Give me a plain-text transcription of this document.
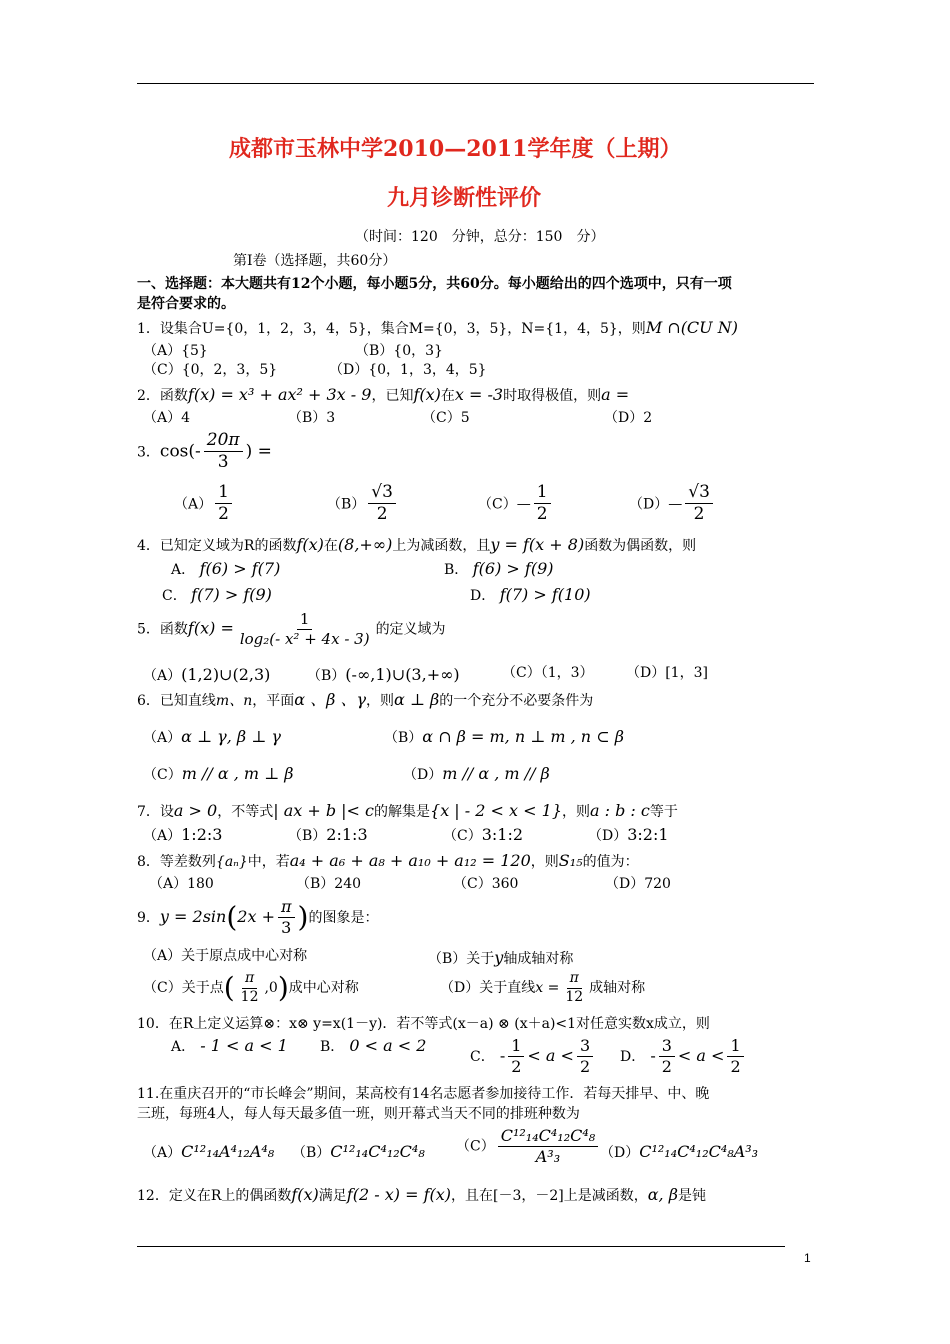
成都市玉林中学2010—2011学年度（上期）
九月诊断性评价
（时间：120　分钟，总分：150　分）
第Ⅰ卷（选择题，共60分）
一、选择题：本大题共有12个小题，每小题5分，共60分。每小题给出的四个选项中，只有一项
是符合要求的。
1．设集合U={0，1，2，3，4，5}，集合M={0，3，5}，N={1，4，5}，则M ∩(CU N)
（A）{5}	（B）{0，3}
（C）{0，2，3，5}	（D）{0，1，3，4，5}
2．函数f(x) = x³ + ax² + 3x - 9，已知f(x)在x = -3时取得极值，则a =
（A）4	（B）3	（C）5	（D）2
3．$\cos(- \frac{20\pi}{3}$ ) =
$(A) \frac{1}{2}$	$(B) \frac{√3}{2}$	（C）— $\frac{1}{2}$	（D）— $\frac{√3}{2}$
4．已知定义域为R的函数f(x)在(8,+∞)上为减函数，且y = f(x + 8)函数为偶函数，则
A． f(6) > f(7)	B． f(6) > f(9)
C． f(7) > f(9)	D． f(7) > f(10)
5．函数$f(x) = \frac{1}{\text{log₂(- x² + 4x - 3)}}$ 的定义域为
（A）(1,2)∪(2,3)	（B）(-∞,1)∪(3,+∞)	（C）（1，3） （D）[1，3]
6．已知直线m、n，平面α 、β 、γ，则α ⊥ β的一个充分不必要条件为
（A）α ⊥ γ, β ⊥ γ	（B）α ∩ β = m, n ⊥ m , n ⊂ β
（C）m // α , m ⊥ β	（D）m // α , m // β
7．设a > 0，不等式| ax + b |< c的解集是{x | - 2 < x < 1}，则a : b : c等于
（A）1:2:3	（B）2:1:3	（C）3:1:2	（D）3:2:1
8．等差数列{aₙ}中，若a₄ + a₆ + a₈ + a₁₀ + a₁₂ = 120，则S₁₅的值为：
（A）180	（B）240	（C）360	（D）720
9．$y = 2\sin(2x + \frac{\pi}{3}$ )的图象是：
（A）关于原点成中心对称	（B）关于y轴成轴对称
（C）关于点( $\frac{\pi}{12} ,0$)成中心对称	（D）关于直线$x = \frac{\pi}{12}$ 成轴对称
10．在R上定义运算⊗：x⊗ y=x(1－y)．若不等式(x－a) ⊗ (x＋a)<1对任意实数x成立，则
A． - 1 < a < 1 B． 0 < a < 2
C． - $\frac{1}{2} < a < \frac{3}{2}$ D． - $\frac{3}{2} < a < \frac{1}{2}$
11.在重庆召开的“市长峰会”期间，某高校有14名志愿者参加接待工作．若每天排早、中、晚
三班，每班4人，每人每天最多值一班，则开幕式当天不同的排班种数为
（A）C¹²₁₄A⁴₁₂A⁴₈ （B）C¹²₁₄C⁴₁₂C⁴₈ $(C) \frac{\text{C¹²₁₄C⁴₁₂C⁴₈}}{\text{A³₃}} (D)C^{12}_{14}C^4_{12}C^4_8A^3_3$
12．定义在R上的偶函数f(x)满足f(2 - x) = f(x)，且在[－3，－2]上是减函数，α, β是钝
1
